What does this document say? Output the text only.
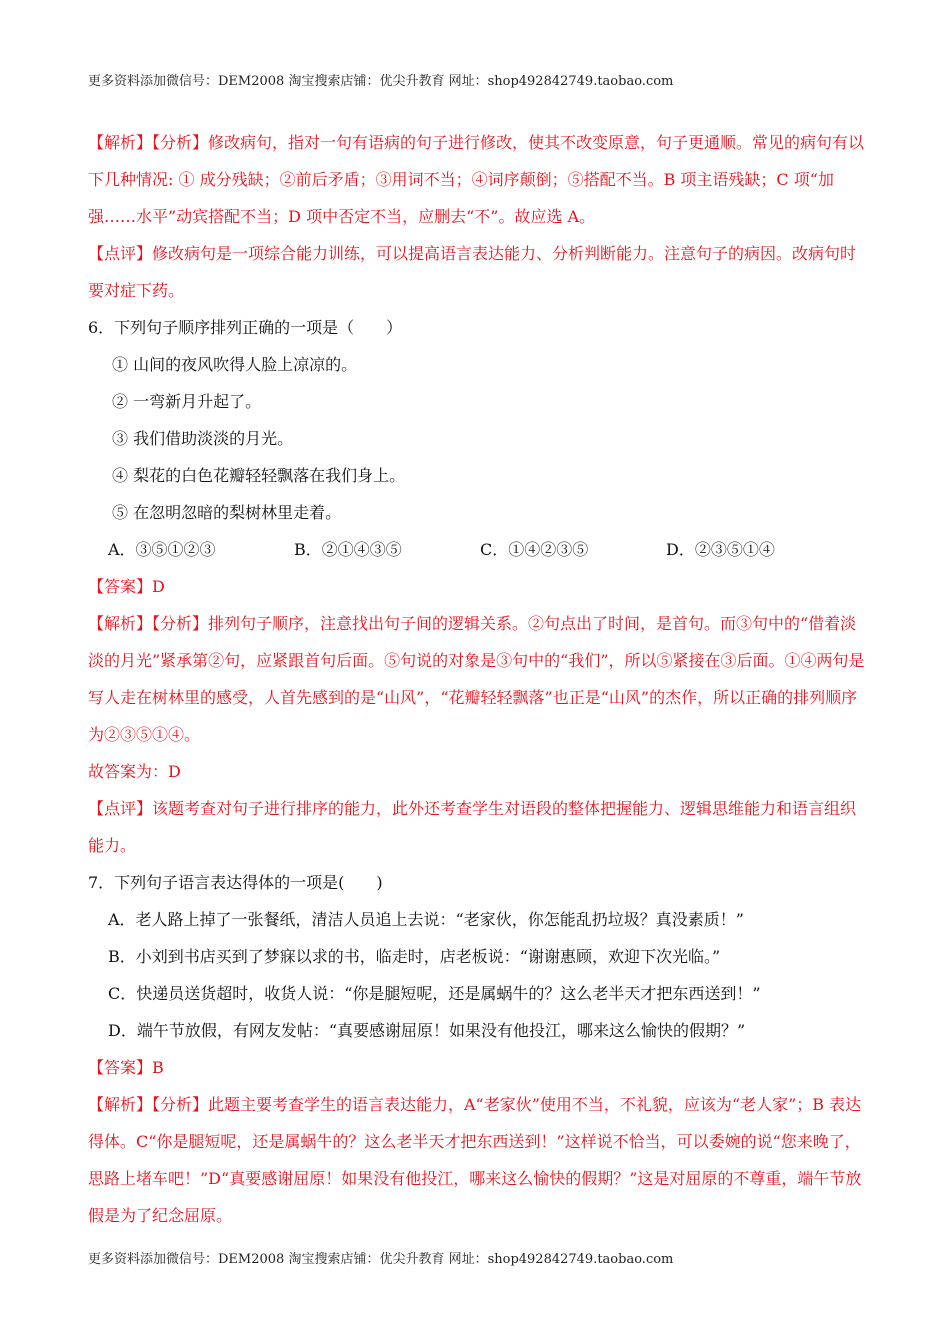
更多资料添加微信号：DEM2008 淘宝搜索店铺：优尖升教育 网址：shop492842749.taobao.com

【解析】【分析】修改病句，指对一句有语病的句子进行修改，使其不改变原意，句子更通顺。常见的病句有以下几种情况: ① 成分残缺；②前后矛盾；③用词不当；④词序颠倒；⑤搭配不当。B 项主语残缺；C 项“加强……水平”动宾搭配不当；D 项中否定不当，应删去“不”。故应选 A。

【点评】修改病句是一项综合能力训练，可以提高语言表达能力、分析判断能力。注意句子的病因。改病句时要对症下药。

6．下列句子顺序排列正确的一项是（　　）

① 山间的夜风吹得人脸上凉凉的。

② 一弯新月升起了。

③ 我们借助淡淡的月光。

④ 梨花的白色花瓣轻轻飘落在我们身上。

⑤ 在忽明忽暗的梨树林里走着。

A．③⑤①②③	B．②①④③⑤	C．①④②③⑤	D．②③⑤①④

【答案】D

【解析】【分析】排列句子顺序，注意找出句子间的逻辑关系。②句点出了时间，是首句。而③句中的“借着淡淡的月光”紧承第②句，应紧跟首句后面。⑤句说的对象是③句中的“我们”，所以⑤紧接在③后面。①④两句是写人走在树林里的感受，人首先感到的是“山风”，“花瓣轻轻飘落”也正是“山风”的杰作，所以正确的排列顺序为②③⑤①④。

故答案为：D

【点评】该题考查对句子进行排序的能力，此外还考查学生对语段的整体把握能力、逻辑思维能力和语言组织能力。

7．下列句子语言表达得体的一项是(　　)

A．老人路上掉了一张餐纸，清洁人员追上去说：“老家伙，你怎能乱扔垃圾？真没素质！”

B．小刘到书店买到了梦寐以求的书，临走时，店老板说：“谢谢惠顾，欢迎下次光临。”

C．快递员送货超时，收货人说：“你是腿短呢，还是属蜗牛的？这么老半天才把东西送到！”

D．端午节放假，有网友发帖：“真要感谢屈原！如果没有他投江，哪来这么愉快的假期？”

【答案】B

【解析】【分析】此题主要考查学生的语言表达能力，A“老家伙”使用不当，不礼貌，应该为“老人家”；B 表达得体。C“你是腿短呢，还是属蜗牛的？这么老半天才把东西送到！”这样说不恰当，可以委婉的说“您来晚了，思路上堵车吧！”D“真要感谢屈原！如果没有他投江，哪来这么愉快的假期？”这是对屈原的不尊重，端午节放假是为了纪念屈原。

更多资料添加微信号：DEM2008 淘宝搜索店铺：优尖升教育 网址：shop492842749.taobao.com
